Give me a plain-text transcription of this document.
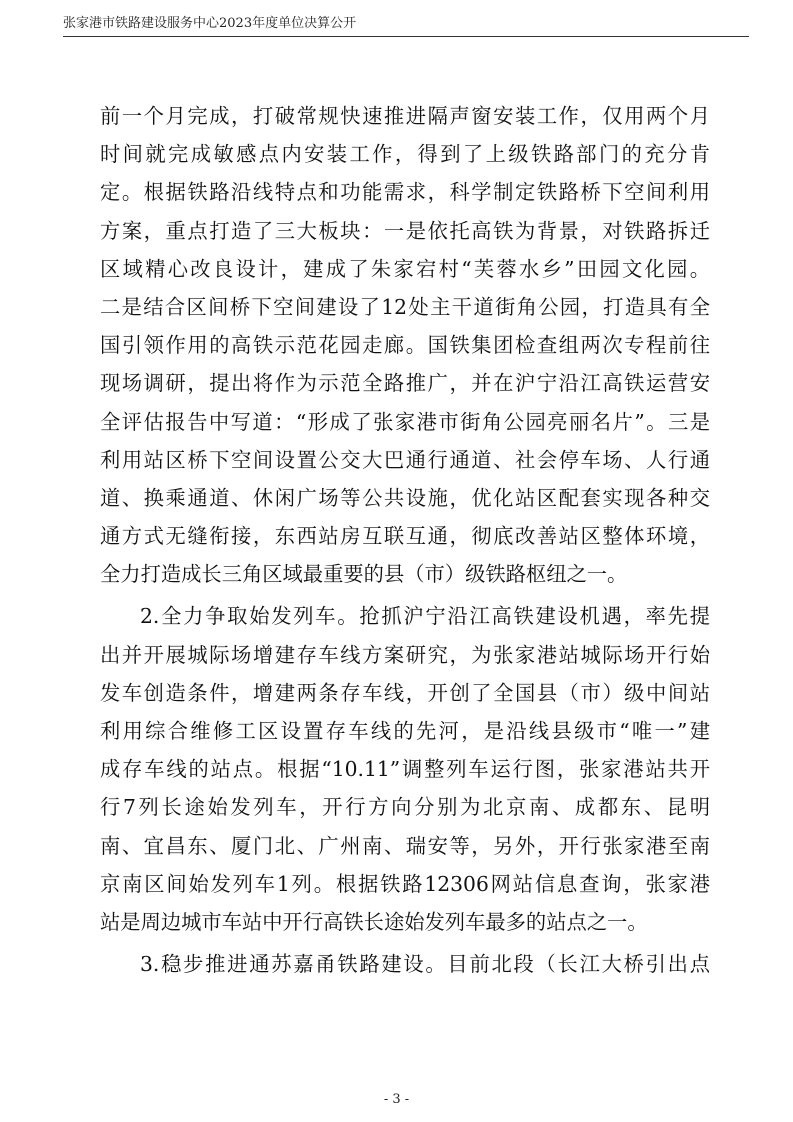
张家港市铁路建设服务中心2023年度单位决算公开

前一个月完成，打破常规快速推进隔声窗安装工作，仅用两个月

时间就完成敏感点内安装工作，得到了上级铁路部门的充分肯

定。根据铁路沿线特点和功能需求，科学制定铁路桥下空间利用

方案，重点打造了三大板块：一是依托高铁为背景，对铁路拆迁

区域精心改良设计，建成了朱家宕村“芙蓉水乡”田园文化园。

二是结合区间桥下空间建设了12处主干道街角公园，打造具有全

国引领作用的高铁示范花园走廊。国铁集团检查组两次专程前往

现场调研，提出将作为示范全路推广，并在沪宁沿江高铁运营安

全评估报告中写道：“形成了张家港市街角公园亮丽名片”。三是

利用站区桥下空间设置公交大巴通行通道、社会停车场、人行通

道、换乘通道、休闲广场等公共设施，优化站区配套实现各种交

通方式无缝衔接，东西站房互联互通，彻底改善站区整体环境，

全力打造成长三角区域最重要的县（市）级铁路枢纽之一。

2.全力争取始发列车。抢抓沪宁沿江高铁建设机遇，率先提

出并开展城际场增建存车线方案研究，为张家港站城际场开行始

发车创造条件，增建两条存车线，开创了全国县（市）级中间站

利用综合维修工区设置存车线的先河，是沿线县级市“唯一”建

成存车线的站点。根据“10.11”调整列车运行图，张家港站共开

行7列长途始发列车，开行方向分别为北京南、成都东、昆明

南、宜昌东、厦门北、广州南、瑞安等，另外，开行张家港至南

京南区间始发列车1列。根据铁路12306网站信息查询，张家港

站是周边城市车站中开行高铁长途始发列车最多的站点之一。

3.稳步推进通苏嘉甬铁路建设。目前北段（长江大桥引出点

- 3 -
